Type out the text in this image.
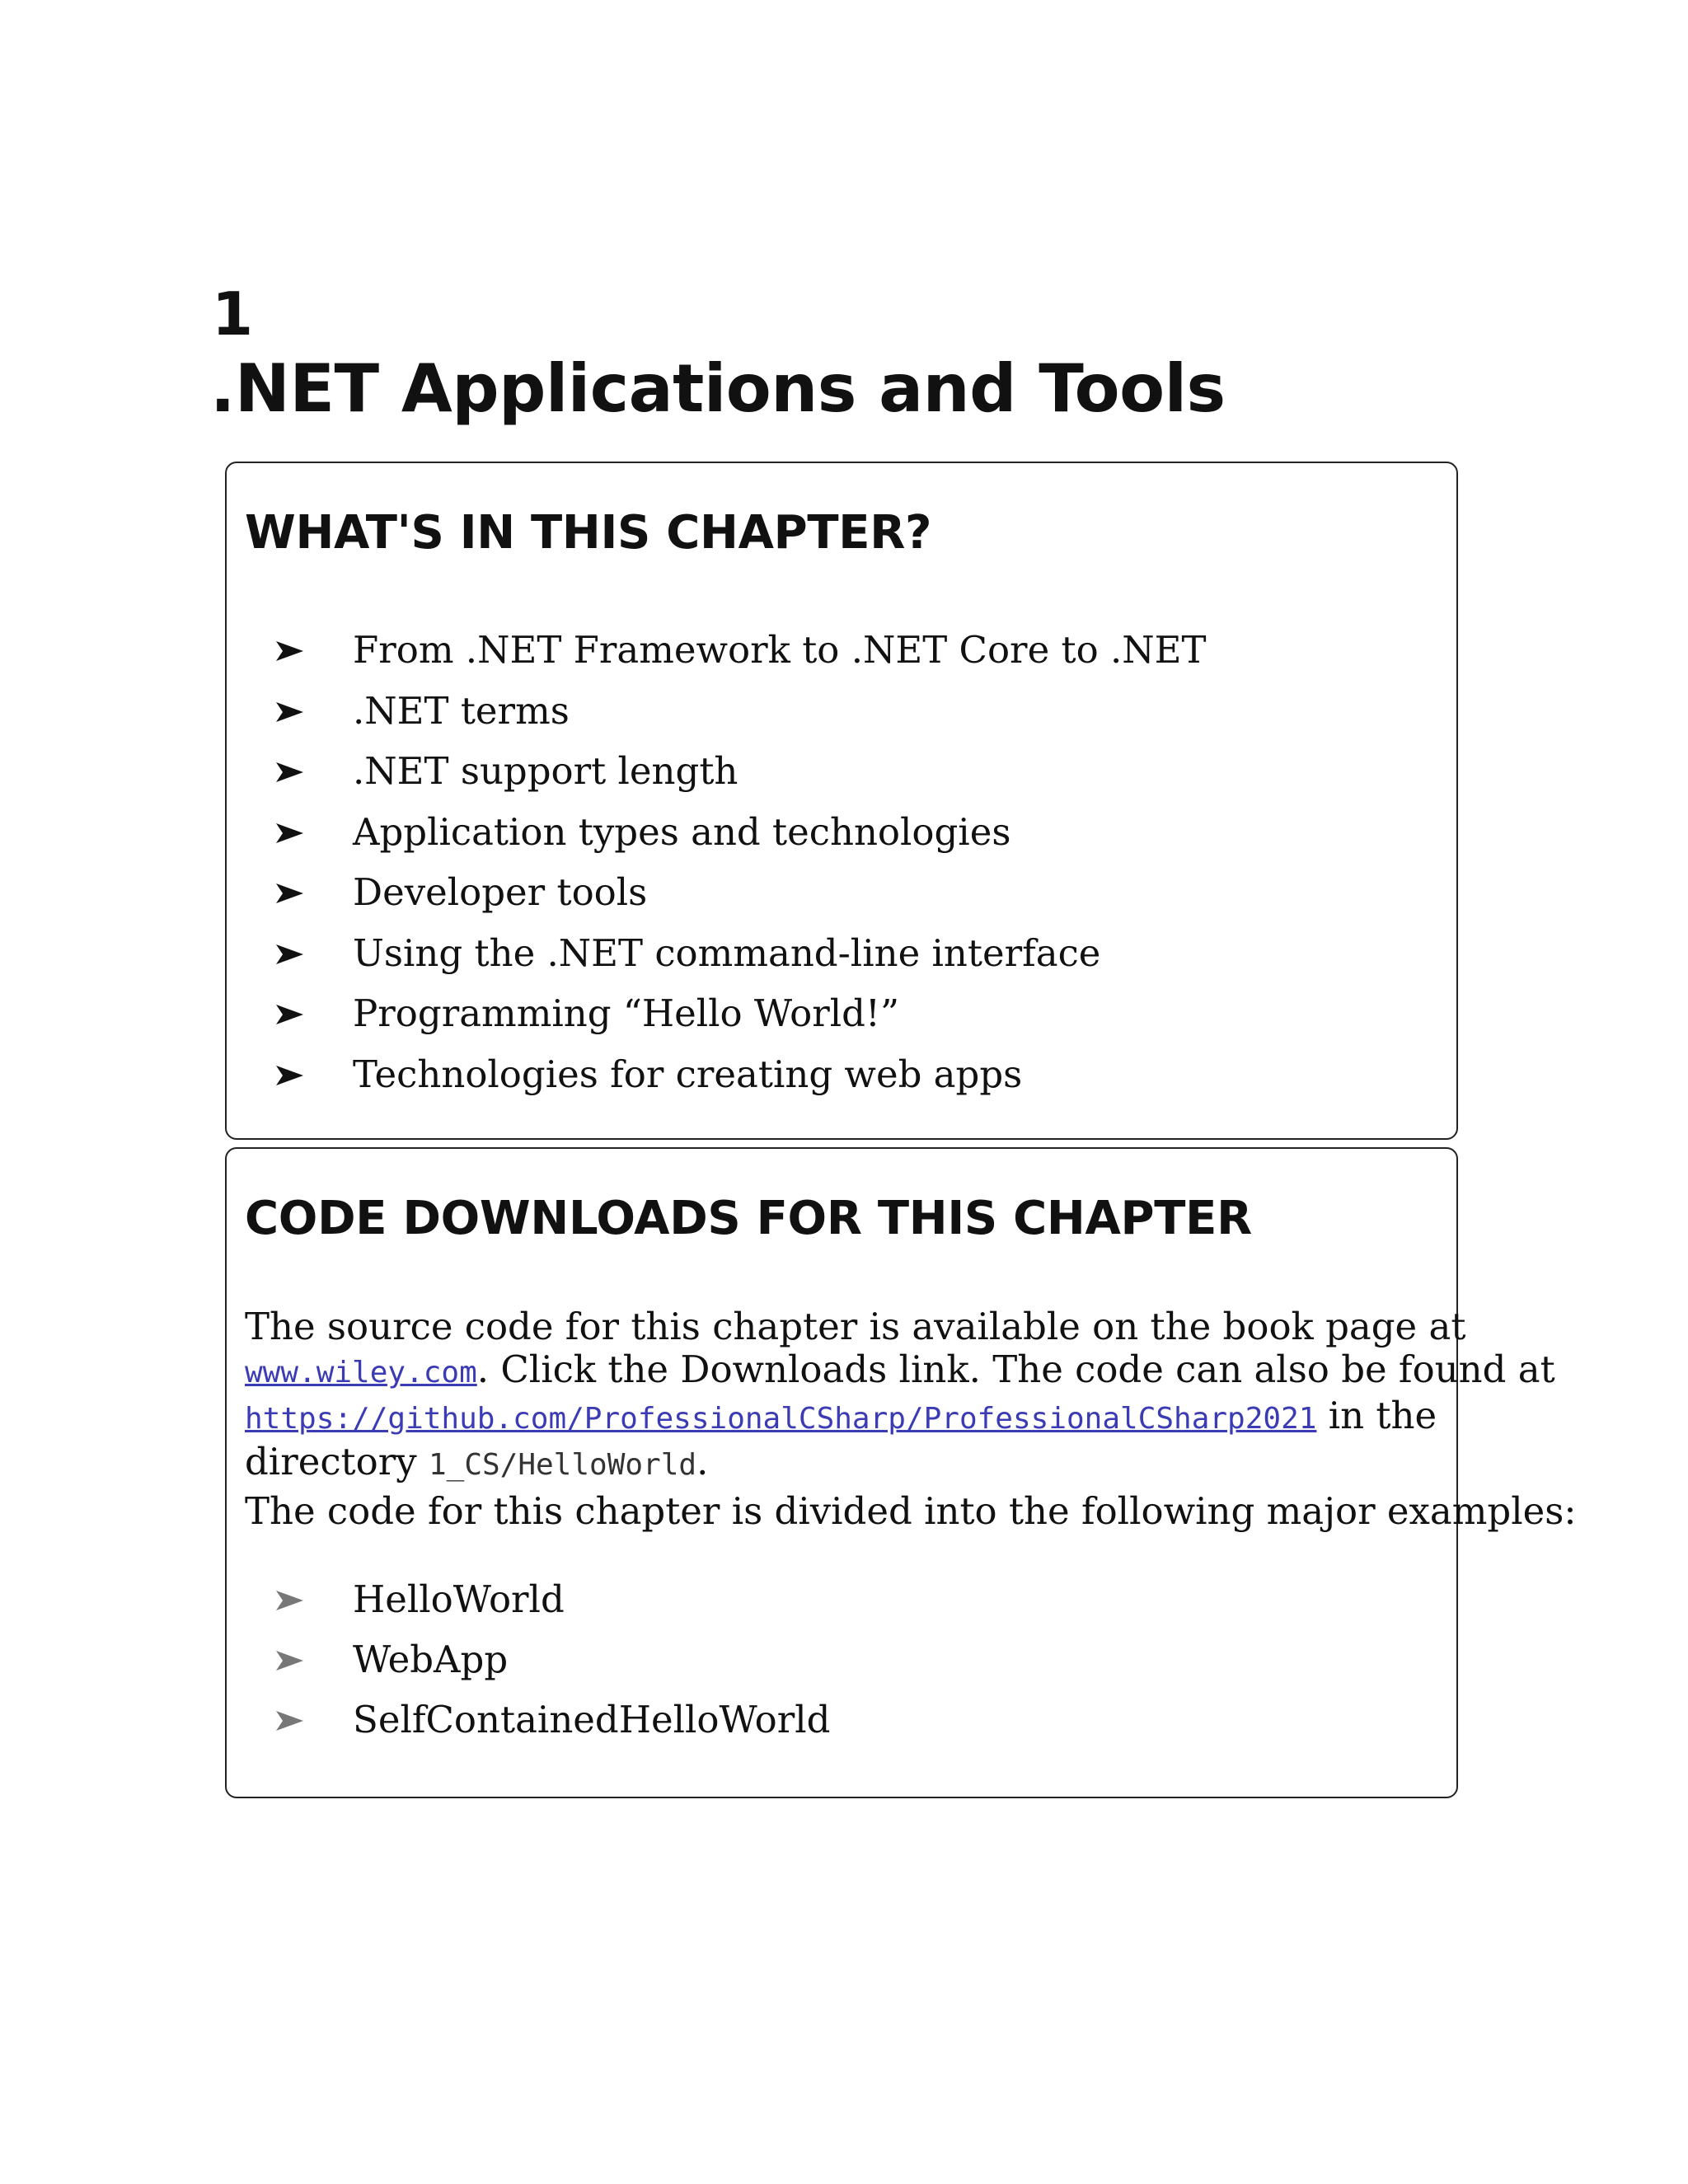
1
.NET Applications and Tools
WHAT'S IN THIS CHAPTER?
From .NET Framework to .NET Core to .NET
.NET terms
.NET support length
Application types and technologies
Developer tools
Using the .NET command-line interface
Programming “Hello World!”
Technologies for creating web apps
CODE DOWNLOADS FOR THIS CHAPTER

The source code for this chapter is available on the book page at
www.wiley.com. Click the Downloads link. The code can also be found at
https://github.com/ProfessionalCSharp/ProfessionalCSharp2021 in the
directory 1_CS/HelloWorld.

The code for this chapter is divided into the following major examples:

HelloWorld
WebApp
SelfContainedHelloWorld
